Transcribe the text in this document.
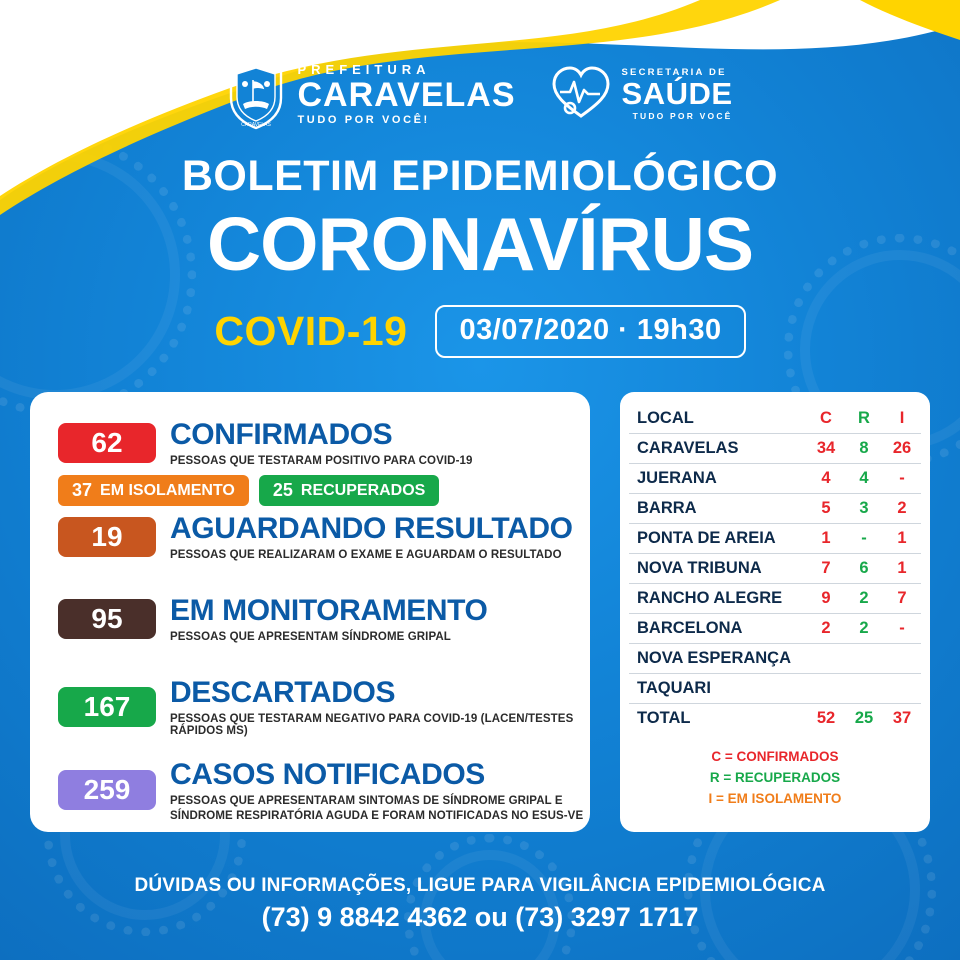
CARAVELAS
PREFEITURA
CARAVELAS
TUDO POR VOCÊ!
SECRETARIA DE
SAÚDE
TUDO POR VOCÊ
BOLETIM EPIDEMIOLÓGICO
CORONAVÍRUS
COVID-19	03/07/2020 · 19h30
62	CONFIRMADOS
PESSOAS QUE TESTARAM POSITIVO PARA COVID-19
37 EM ISOLAMENTO 25 RECUPERADOS
19	AGUARDANDO RESULTADO
PESSOAS QUE REALIZARAM O EXAME E AGUARDAM O RESULTADO
95	EM MONITORAMENTO
PESSOAS QUE APRESENTAM SÍNDROME GRIPAL
167	DESCARTADOS
PESSOAS QUE TESTARAM NEGATIVO PARA COVID-19 (LACEN/TESTES RÁPIDOS MS)
259	CASOS NOTIFICADOS
PESSOAS QUE APRESENTARAM SINTOMAS DE SÍNDROME GRIPAL E
SÍNDROME RESPIRATÓRIA AGUDA E FORAM NOTIFICADAS NO ESUS-VE
LOCAL	C	R	I
CARAVELAS	34	8	26
JUERANA	4	4	-
BARRA	5	3	2
PONTA DE AREIA	1	-	1
NOVA TRIBUNA	7	6	1
RANCHO ALEGRE	9	2	7
BARCELONA	2	2	-
NOVA ESPERANÇA			
TAQUARI			
TOTAL	52	25	37
C = CONFIRMADOS
R = RECUPERADOS
I = EM ISOLAMENTO
DÚVIDAS OU INFORMAÇÕES, LIGUE PARA VIGILÂNCIA EPIDEMIOLÓGICA
(73) 9 8842 4362 ou (73) 3297 1717
